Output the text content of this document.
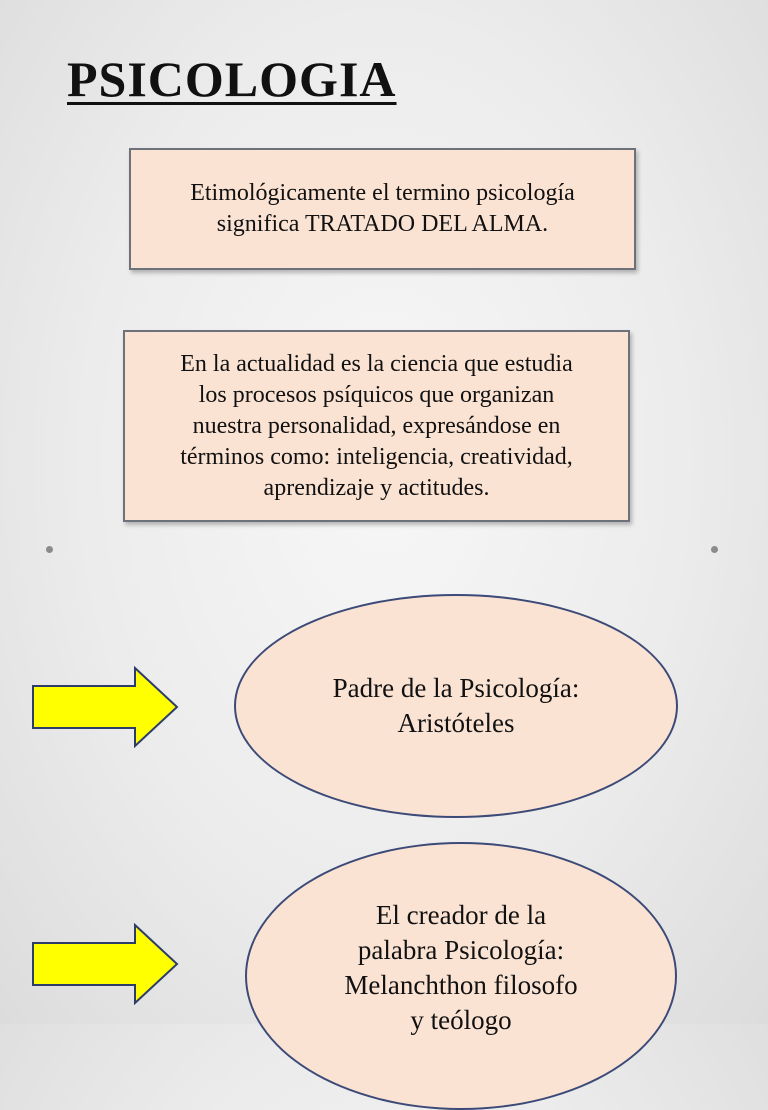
PSICOLOGIA
Etimológicamente el termino psicología
significa TRATADO DEL ALMA.
En la actualidad es la ciencia que estudia
los procesos psíquicos que organizan
nuestra personalidad, expresándose en
términos como: inteligencia, creatividad,
aprendizaje y actitudes.
Padre de la Psicología:
Aristóteles
El creador de la
palabra Psicología:
Melanchthon filosofo
y teólogo
